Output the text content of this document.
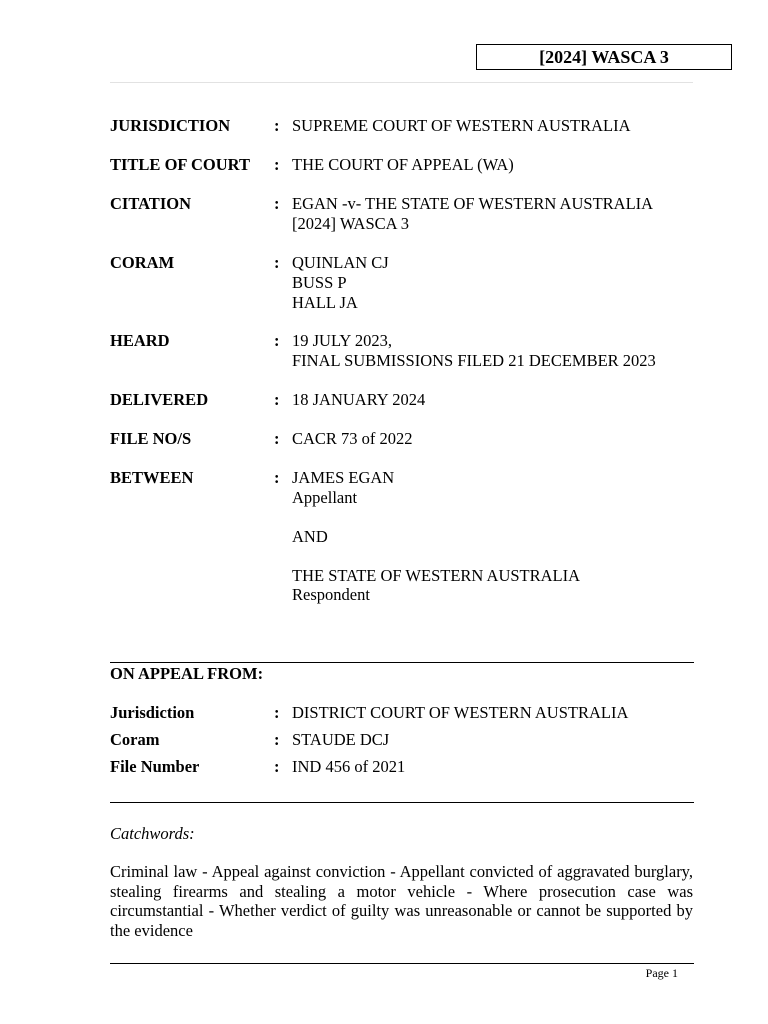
[2024] WASCA 3
JURISDICTION	: SUPREME COURT OF WESTERN AUSTRALIA
TITLE OF COURT : THE COURT OF APPEAL (WA)
CITATION	: EGAN -v- THE STATE OF WESTERN AUSTRALIA
[2024] WASCA 3
CORAM	: QUINLAN CJ
BUSS P
HALL JA
HEARD	: 19 JULY 2023,
FINAL SUBMISSIONS FILED 21 DECEMBER 2023
DELIVERED	: 18 JANUARY 2024
FILE NO/S	: CACR 73 of 2022
BETWEEN	: JAMES EGAN
Appellant
AND
THE STATE OF WESTERN AUSTRALIA
Respondent
ON APPEAL FROM:
Jurisdiction	: DISTRICT COURT OF WESTERN AUSTRALIA
Coram	: STAUDE DCJ
File Number	: IND 456 of 2021
Catchwords:
Criminal law - Appeal against conviction - Appellant convicted of aggravated burglary, stealing firearms and stealing a motor vehicle - Where prosecution case was circumstantial - Whether verdict of guilty was unreasonable or cannot be supported by the evidence
Page 1
